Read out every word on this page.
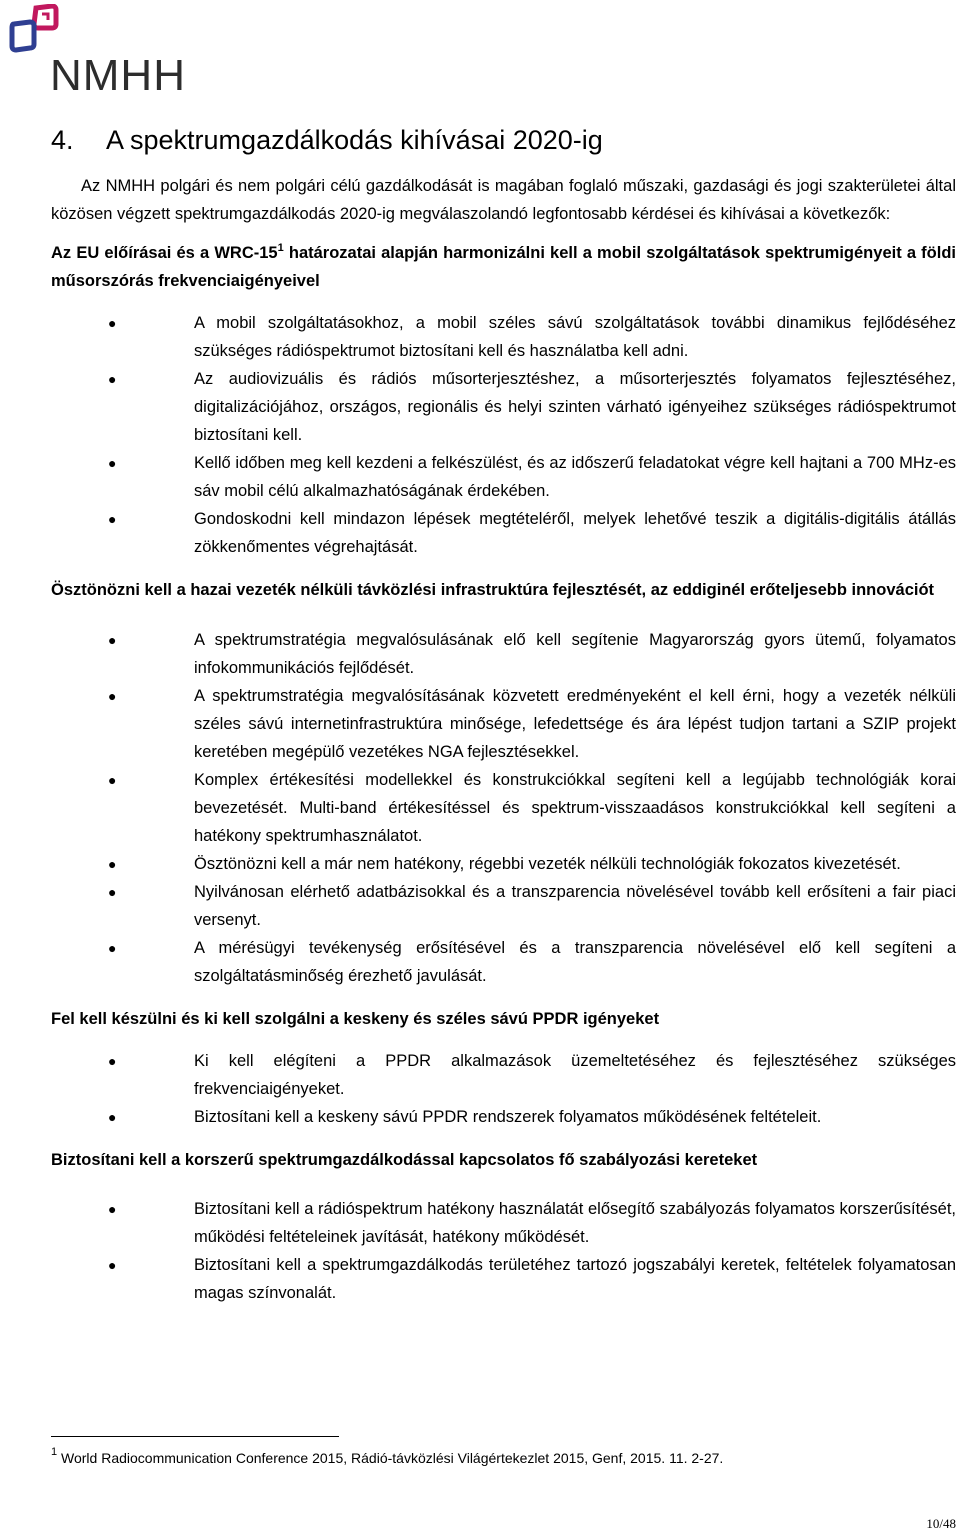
NMHH
4.	A spektrumgazdálkodás kihívásai 2020-ig

Az NMHH polgári és nem polgári célú gazdálkodását is magában foglaló műszaki, gazdasági és jogi szakterületei által közösen végzett spektrumgazdálkodás 2020-ig megválaszolandó legfontosabb kérdései és kihívásai a következők:

Az EU előírásai és a WRC-$15^1$ határozatai alapján harmonizálni kell a mobil szolgáltatások spektrumigényeit a földi műsorszórás frekvenciaigényeivel

●	A mobil szolgáltatásokhoz, a mobil széles sávú szolgáltatások további dinamikus fejlődéséhez szükséges rádióspektrumot biztosítani kell és használatba kell adni.
●	Az audiovizuális és rádiós műsorterjesztéshez, a műsorterjesztés folyamatos fejlesztéséhez, digitalizációjához, országos, regionális és helyi szinten várható igényeihez szükséges rádióspektrumot biztosítani kell.
●	Kellő időben meg kell kezdeni a felkészülést, és az időszerű feladatokat végre kell hajtani a 700 MHz-es sáv mobil célú alkalmazhatóságának érdekében.
●	Gondoskodni kell mindazon lépések megtételéről, melyek lehetővé teszik a digitális-digitális átállás zökkenőmentes végrehajtását.

Ösztönözni kell a hazai vezeték nélküli távközlési infrastruktúra fejlesztését, az eddiginél erőteljesebb innovációt

●	A spektrumstratégia megvalósulásának elő kell segítenie Magyarország gyors ütemű, folyamatos infokommunikációs fejlődését.
●	A spektrumstratégia megvalósításának közvetett eredményeként el kell érni, hogy a vezeték nélküli széles sávú internetinfrastruktúra minősége, lefedettsége és ára lépést tudjon tartani a SZIP projekt keretében megépülő vezetékes NGA fejlesztésekkel.
●	Komplex értékesítési modellekkel és konstrukciókkal segíteni kell a legújabb technológiák korai bevezetését. Multi-band értékesítéssel és spektrum-visszaadásos konstrukciókkal kell segíteni a hatékony spektrumhasználatot.
●	Ösztönözni kell a már nem hatékony, régebbi vezeték nélküli technológiák fokozatos kivezetését.
●	Nyilvánosan elérhető adatbázisokkal és a transzparencia növelésével tovább kell erősíteni a fair piaci versenyt.
●	A mérésügyi tevékenység erősítésével és a transzparencia növelésével elő kell segíteni a szolgáltatásminőség érezhető javulását.

Fel kell készülni és ki kell szolgálni a keskeny és széles sávú PPDR igényeket

●	Ki kell elégíteni a PPDR alkalmazások üzemeltetéséhez és fejlesztéséhez szükséges frekvenciaigényeket.
●	Biztosítani kell a keskeny sávú PPDR rendszerek folyamatos működésének feltételeit.

Biztosítani kell a korszerű spektrumgazdálkodással kapcsolatos fő szabályozási kereteket

●	Biztosítani kell a rádióspektrum hatékony használatát elősegítő szabályozás folyamatos korszerűsítését, működési feltételeinek javítását, hatékony működését.
●	Biztosítani kell a spektrumgazdálkodás területéhez tartozó jogszabályi keretek, feltételek folyamatosan magas színvonalát.
$^1$ World Radiocommunication Conference 2015, Rádió-távközlési Világértekezlet 2015, Genf, 2015. 11. 2-27.
10/48
